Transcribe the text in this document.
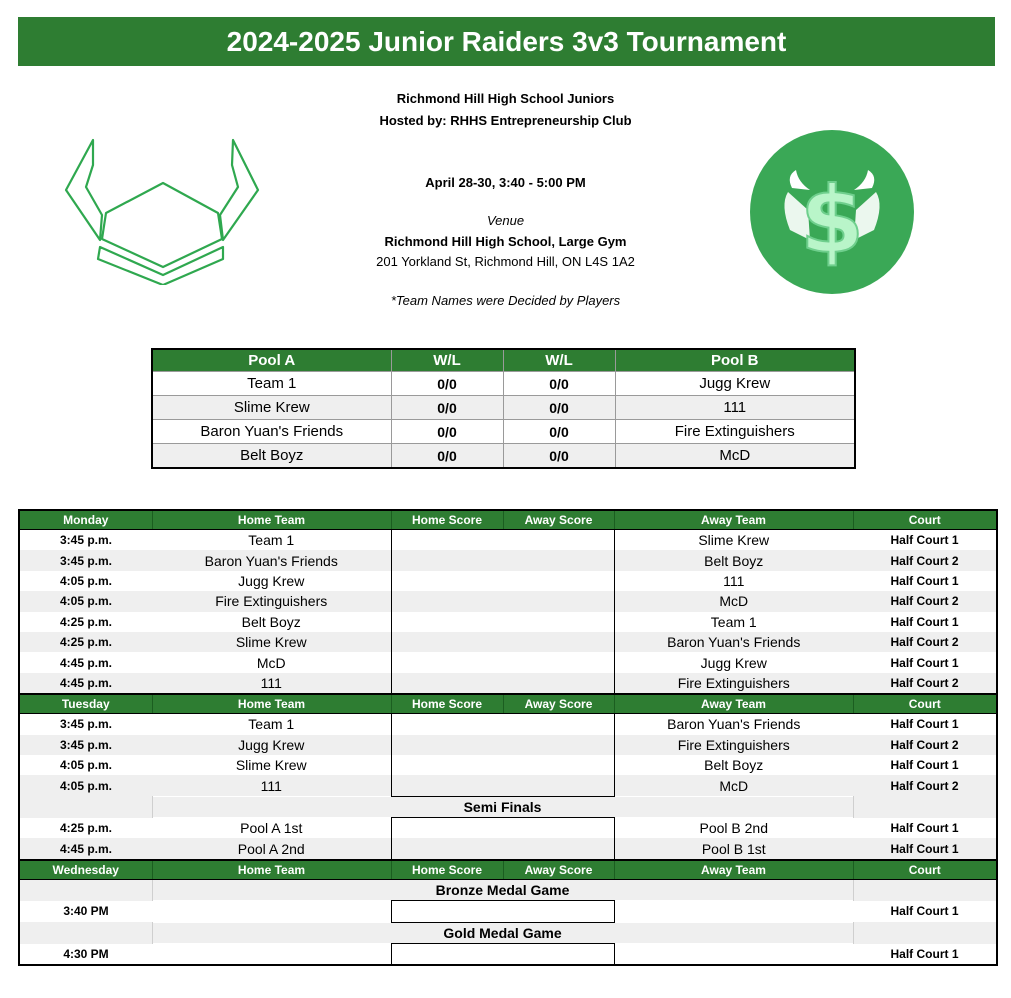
2024-2025 Junior Raiders 3v3 Tournament
$
Richmond Hill High School Juniors
Hosted by: RHHS Entrepreneurship Club
April 28-30, 3:40 - 5:00 PM
Venue
Richmond Hill High School, Large Gym
201 Yorkland St, Richmond Hill, ON L4S 1A2
*Team Names were Decided by Players
Pool A	W/L	W/L	Pool B
Team 1	0/0	0/0	Jugg Krew
Slime Krew	0/0	0/0	111
Baron Yuan's Friends	0/0	0/0	Fire Extinguishers
Belt Boyz	0/0	0/0	McD
Monday	Home Team	Home Score	Away Score	Away Team	Court
3:45 p.m.	Team 1			Slime Krew	Half Court 1
3:45 p.m.	Baron Yuan's Friends			Belt Boyz	Half Court 2
4:05 p.m.	Jugg Krew			111	Half Court 1
4:05 p.m.	Fire Extinguishers			McD	Half Court 2
4:25 p.m.	Belt Boyz			Team 1	Half Court 1
4:25 p.m.	Slime Krew			Baron Yuan's Friends	Half Court 2
4:45 p.m.	McD			Jugg Krew	Half Court 1
4:45 p.m.	111			Fire Extinguishers	Half Court 2
Tuesday	Home Team	Home Score	Away Score	Away Team	Court
3:45 p.m.	Team 1			Baron Yuan's Friends	Half Court 1
3:45 p.m.	Jugg Krew			Fire Extinguishers	Half Court 2
4:05 p.m.	Slime Krew			Belt Boyz	Half Court 1
4:05 p.m.	111			McD	Half Court 2
	Semi Finals				
4:25 p.m.	Pool A 1st			Pool B 2nd	Half Court 1
4:45 p.m.	Pool A 2nd			Pool B 1st	Half Court 1
Wednesday	Home Team	Home Score	Away Score	Away Team	Court
	Bronze Medal Game				
3:40 PM					Half Court 1
	Gold Medal Game				
4:30 PM					Half Court 1
